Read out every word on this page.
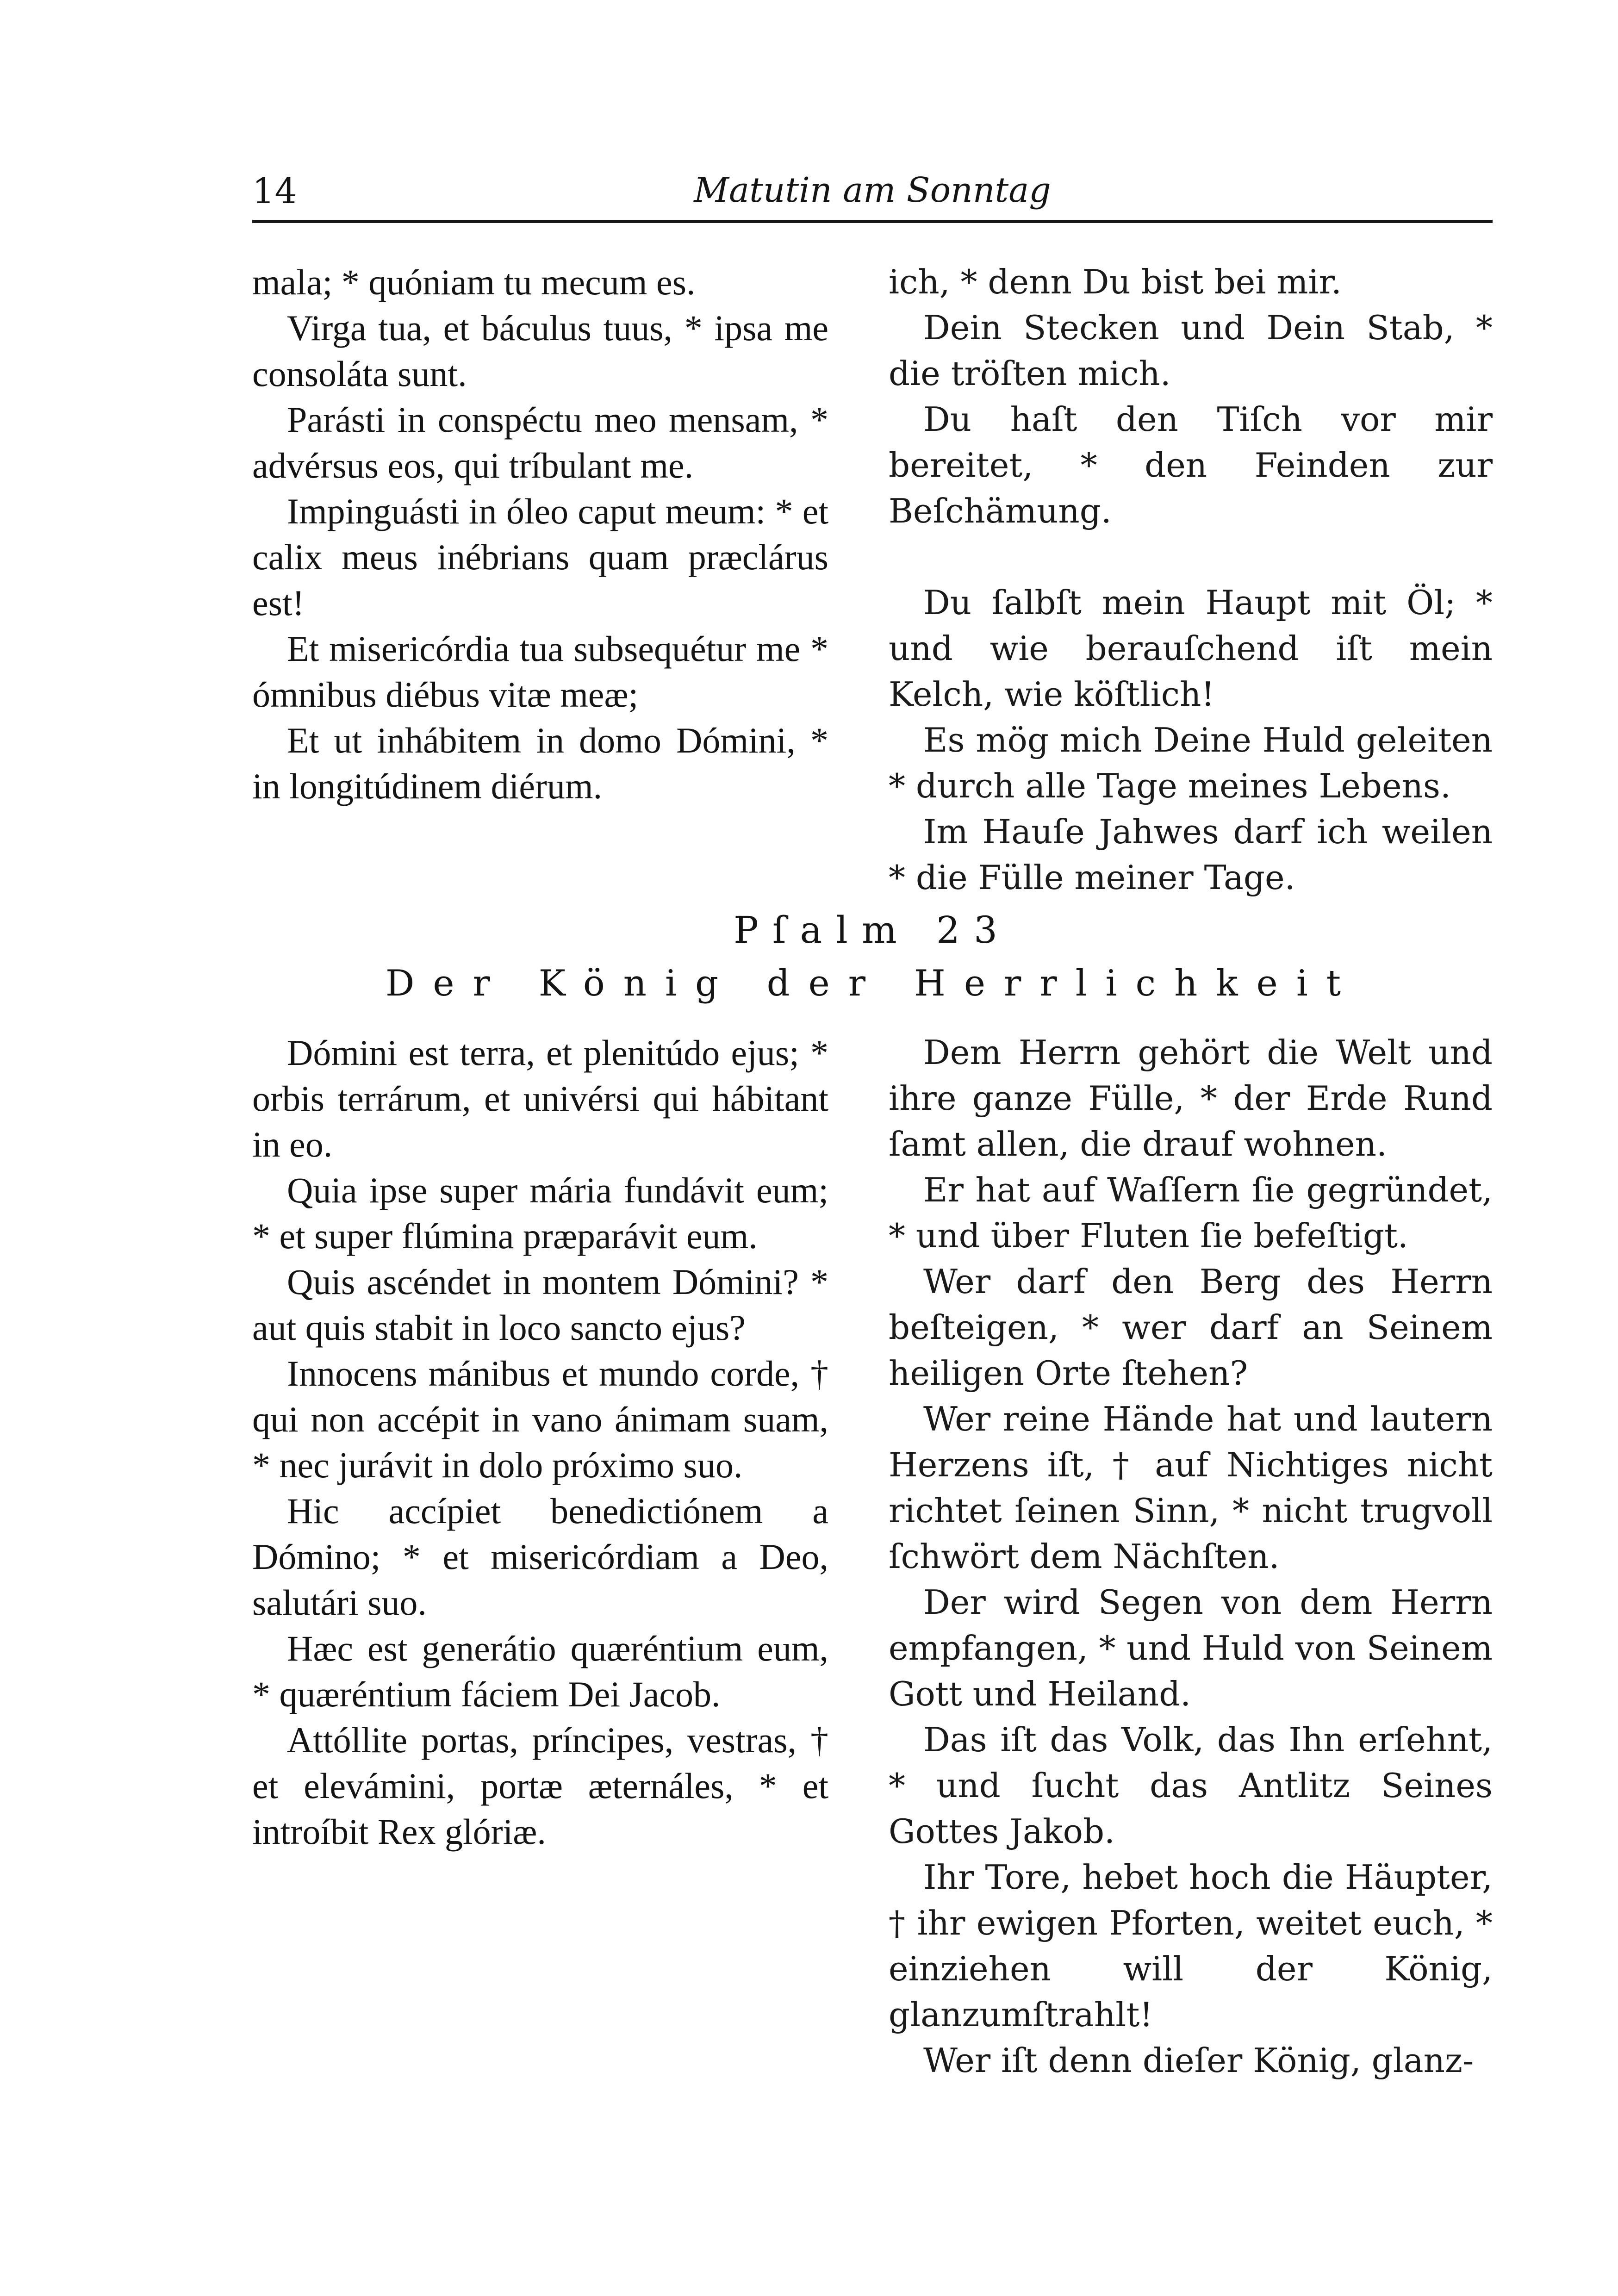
14	Matutin am Sonntag

mala; * quóniam tu mecum es.

Virga tua, et báculus tuus, * ipsa me consoláta sunt.

Parásti in conspéctu meo mensam, * advérsus eos, qui tríbulant me.

Impinguásti in óleo caput meum: * et calix meus inébrians quam præclárus est!

Et misericórdia tua subsequétur me * ómnibus diébus vitæ meæ;

Et ut inhábitem in domo Dómini, * in longitúdinem diérum.

ich, * denn Du bist bei mir.

Dein Stecken und Dein Stab, * die tröſten mich.

Du haſt den Tiſch vor mir bereitet, * den Feinden zur Beſchämung.

Du ſalbſt mein Haupt mit Öl; * und wie berauſchend iſt mein Kelch, wie köſtlich!

Es mög mich Deine Huld geleiten * durch alle Tage meines Lebens.

Im Hauſe Jahwes darf ich weilen * die Fülle meiner Tage.

Pſalm 23
Der König der Herrlichkeit

Dómini est terra, et plenitúdo ejus; * orbis terrárum, et univérsi qui hábitant in eo.

Quia ipse super mária fundávit eum; * et super flúmina præparávit eum.

Quis ascéndet in montem Dómini? * aut quis stabit in loco sancto ejus?

Innocens mánibus et mundo corde, † qui non accépit in vano ánimam suam, * nec jurávit in dolo próximo suo.

Hic accípiet benedictiónem a Dómino; * et misericórdiam a Deo, salutári suo.

Hæc est generátio quæréntium eum, * quæréntium fáciem Dei Jacob.

Attóllite portas, príncipes, vestras, † et elevámini, portæ æternáles, * et introíbit Rex glóriæ.

Dem Herrn gehört die Welt und ihre ganze Fülle, * der Erde Rund ſamt allen, die drauf wohnen.

Er hat auf Waſſern ſie gegründet, * und über Fluten ſie befeſtigt.

Wer darf den Berg des Herrn beſteigen, * wer darf an Seinem heiligen Orte ſtehen?

Wer reine Hände hat und lautern Herzens iſt, † auf Nichtiges nicht richtet ſeinen Sinn, * nicht trugvoll ſchwört dem Nächſten.

Der wird Segen von dem Herrn empfangen, * und Huld von Seinem Gott und Heiland.

Das iſt das Volk, das Ihn erſehnt, * und ſucht das Antlitz Seines Gottes Jakob.

Ihr Tore, hebet hoch die Häupter, † ihr ewigen Pforten, weitet euch, * einziehen will der König, glanzumſtrahlt!

Wer iſt denn dieſer König, glanz-
